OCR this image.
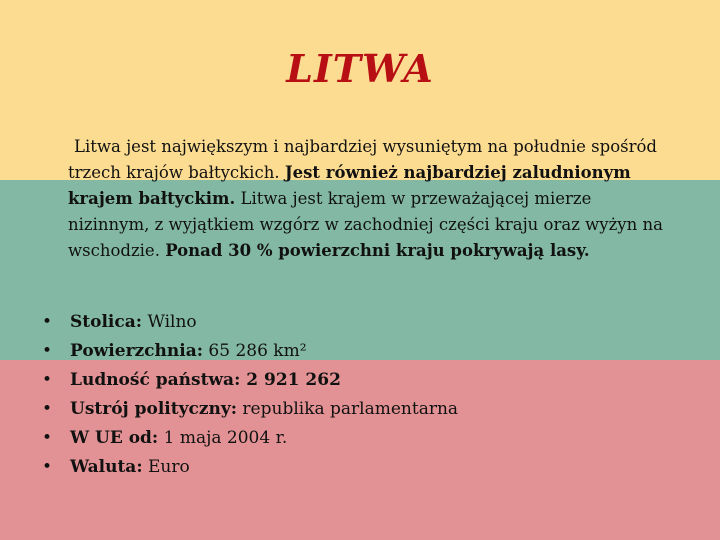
LITWA
Litwa jest największym i najbardziej wysuniętym na południe spośród trzech krajów bałtyckich. Jest również najbardziej zaludnionym krajem bałtyckim. Litwa jest krajem w przeważającej mierze nizinnym, z wyjątkiem wzgórz w zachodniej części kraju oraz wyżyn na wschodzie. Ponad 30 % powierzchni kraju pokrywają lasy.
• Stolica: Wilno
• Powierzchnia: 65 286 km²
• Ludność państwa: 2 921 262
• Ustrój polityczny: republika parlamentarna
• W UE od: 1 maja 2004 r.
• Waluta: Euro
